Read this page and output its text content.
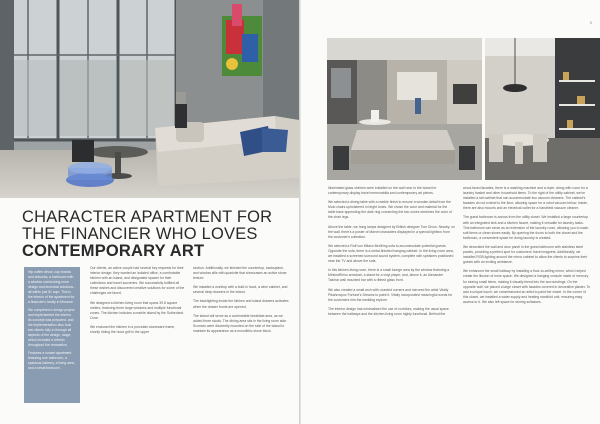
CHARACTER APARTMENT FOR
THE FINANCIER WHO LOVES
CONTEMPORARY ART

Hip coffee décor, cup brands and artworks, a bathroom with a window overlooking more design and technical solutions - all within just 51 sqm. This is the interior of the apartment for a financier's family in Moscow.

We completed a design project and implemented the interior. Its concept was prepared, and the implementation also took two clients fully in through all aspects of the design, stage, which included a refresh throughout the renovation.

Features a sunset apartment featuring one bathroom, a spacious balcony, a living area, and a small bedroom.

Our clients, an active couple had several key requests for their interior design: they wanted an isolated office, a comfortable kitchen with an island, and designated spaces for their collections and travel souvenirs. We successfully fulfilled all these wishes and discovered creative solutions for some of the challenges we faced.

We designed a kitchen-living room that spans 39.8 square meters, featuring three large windows and multiple functional zones. The kitchen includes a marble island by the Sutherland Cove.

We enclosed the kitchen in a porcelain stoneware frame, shortly hiding the hood grill in the upper

section. Additionally, we finished the countertop, backsplash, and window sills with quartzite that showcases an active stone texture.

We installed a worktop with a built-in hood, a wine cabinet, and several deep drawers in the island.

The backlighting inside the kitchen and island drawers activates when the drawer fronts are opened.

The island will serve as a comfortable breakfast area, as we added three stools. The dining area sits in the living room side. Sconces were discreetly mounted on the side of the island to maintain its appearance as a monolithic stone block.

0

Illuminated glass shelves were installed on the wall near to the island for contemporary display travel memorabilia and contemporary art pieces.

We selected a dining table with a marble finish to ensure a wooden detail from the Molo chairs upholstered in bright tones. We chose the color and material for the table base appending the dark ring connecting the two zones stretches the color of the chair legs.

Above the table, we hung lamps designed by British designer Tom Dixon. Nearby, on the wall, there's a poster of Marvel characters displayed in a special lightbox from the customer's collection.

We selected a Rolf von Milano BedKing sofa to accommodate potential guests. Opposite the sofa, there is a metal-finished hanging cabinet. In the living room area, we installed a screened surround sound system, complete with speakers positioned near the TV and above the sofa.

In this kitchen-living room, there is a small lounge area by the window featuring a MinimaRhino armchair, a stand for a vinyl player, and, above it, an Alexander Tatchar wall mounted bar with a ribbed glass front.

We also created a small arch with rounded corners and mirrored the artist Vitaliy Pikahrovpov Fortune's Dreams to paint it. Vitaliy incorporated meaningful words for the customers into the wedding explore.

The interior design has minimalized the use of corridors, making the usual space between the hallways and the kitchen-living room highly functional. Behind the

wood-faced facades, there is a washing machine and a dryer, along with room for a laundry basket and other household items. To the right of the utility cabinet, we've installed a tall cabinet that can accommodate two vacuum cleaners. The cabinet's facades do not extend to the floor, allowing space for a robot vacuum below. Inside, there are also mounts and an electrical outlet for a handheld vacuum cleaner.

The guest bathroom is across from the utility closet. We installed a large countertop with an integrated sink and a kitchen faucet, making it versatile for laundry tasks. This bathroom can serve as an extension of the laundry room, allowing you to wash soft items or clean shoes easily. By opening the doors to both the closet and the bathroom, a convenient space for doing laundry is created.

We decorated the wall and door panel in the guest bathroom with stainless steel panels, providing a perfect spot for customers' travel magnets. Additionally, we installed RGB lighting around the mirror cabinet to allow the clients to surprise their guests with an inviting ambiance.

We enhanced the small hallway by installing a floor-to-ceiling mirror, which helped create the illusion of more space. We designed a hanging console made of mercury for storing small items, making it visually blend into the surroundings. On the opposite wall, we placed a large closet with facades covered in decorative plaster. To add a unique touch, we commissioned an artist to paint the closet. In the corner of this closet, we installed a water supply and heating manifold unit, ensuring easy access to it. We also left space for storing suitcases.
